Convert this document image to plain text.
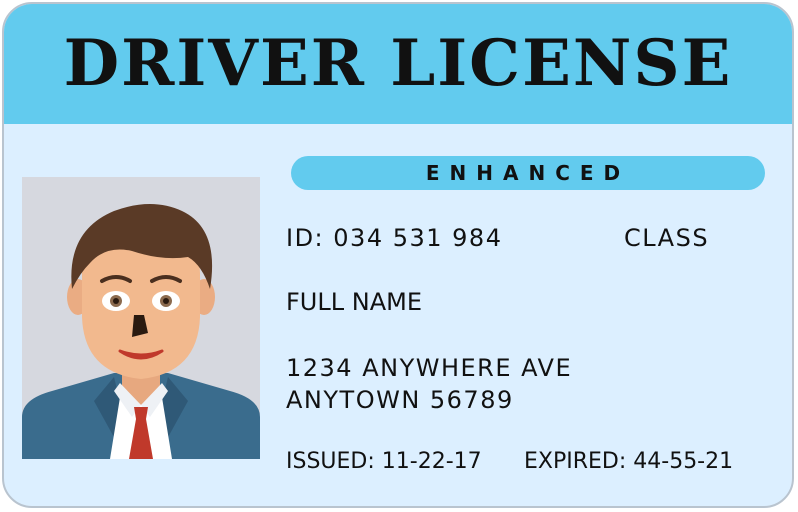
DRIVER LICENSE
ENHANCED
ID: 034 531 984	CLASS
FULL NAME
1234 ANYWHERE AVE
ANYTOWN 56789
ISSUED: 11-22-17 EXPIRED: 44-55-21
